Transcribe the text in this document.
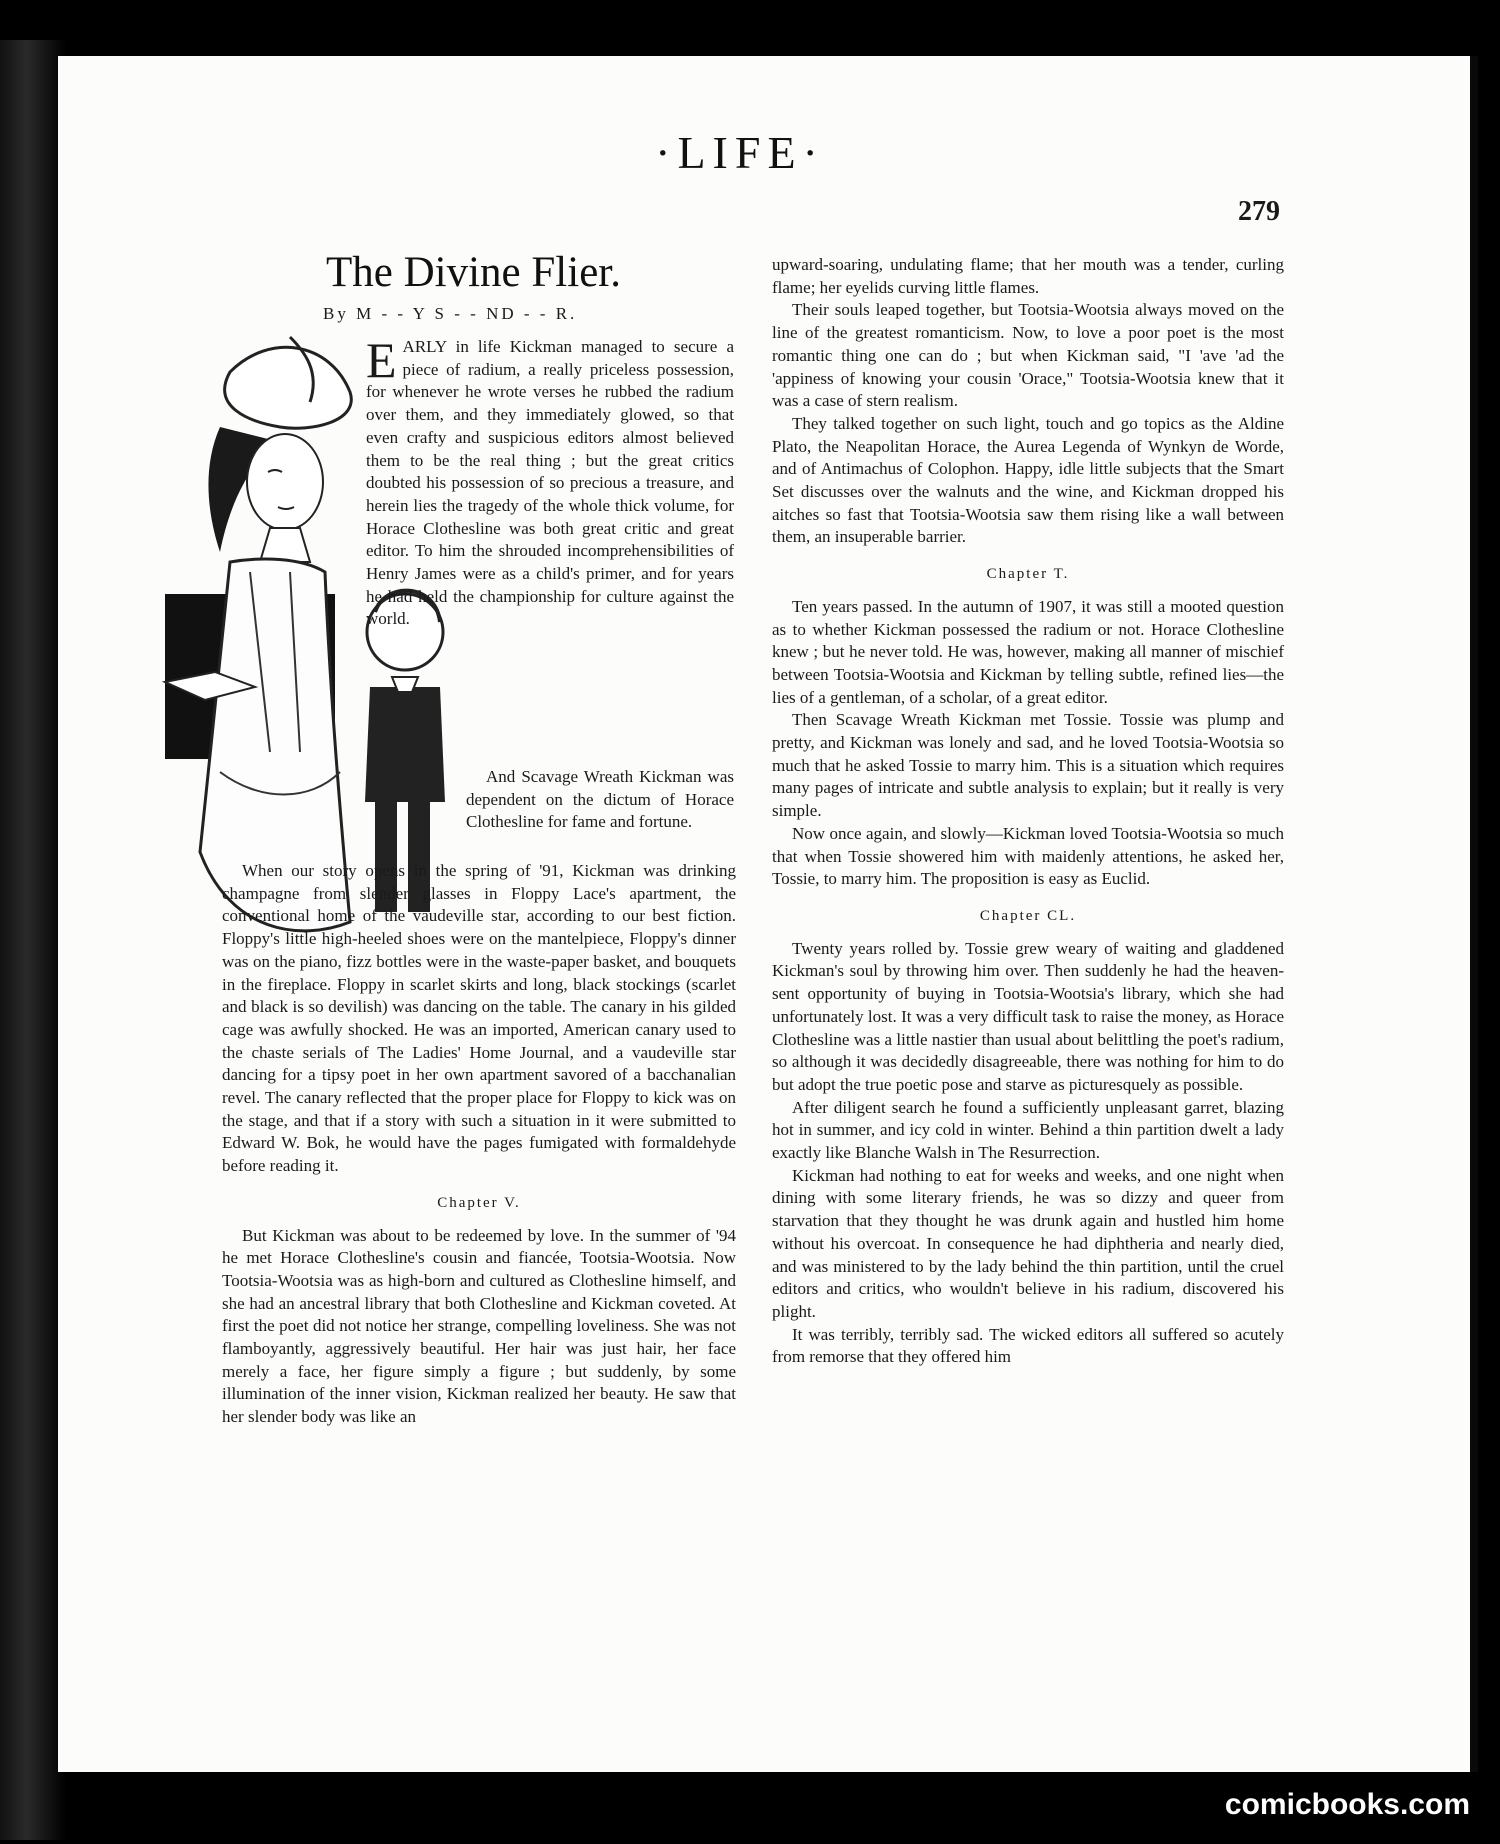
·LIFE·
279
The Divine Flier.
By M - - Y S - - ND - - R.
EARLY in life Kickman managed to secure a piece of radium, a really priceless possession, for whenever he wrote verses he rubbed the radium over them, and they immediately glowed, so that even crafty and suspicious editors almost believed them to be the real thing ; but the great critics doubted his possession of so precious a treasure, and herein lies the tragedy of the whole thick volume, for Horace Clothesline was both great critic and great editor. To him the shrouded incomprehensibilities of Henry James were as a child's primer, and for years he had held the championship for culture against the world.

And Scavage Wreath Kickman was dependent on the dictum of Horace Clothesline for fame and fortune.

When our story opens in the spring of '91, Kickman was drinking champagne from slender glasses in Floppy Lace's apartment, the conventional home of the vaudeville star, according to our best fiction. Floppy's little high-heeled shoes were on the mantelpiece, Floppy's dinner was on the piano, fizz bottles were in the waste-paper basket, and bouquets in the fireplace. Floppy in scarlet skirts and long, black stockings (scarlet and black is so devilish) was dancing on the table. The canary in his gilded cage was awfully shocked. He was an imported, American canary used to the chaste serials of The Ladies' Home Journal, and a vaudeville star dancing for a tipsy poet in her own apartment savored of a bacchanalian revel. The canary reflected that the proper place for Floppy to kick was on the stage, and that if a story with such a situation in it were submitted to Edward W. Bok, he would have the pages fumigated with formaldehyde before reading it.

Chapter V.

But Kickman was about to be redeemed by love. In the summer of '94 he met Horace Clothesline's cousin and fiancée, Tootsia-Wootsia. Now Tootsia-Wootsia was as high-born and cultured as Clothesline himself, and she had an ancestral library that both Clothesline and Kickman coveted. At first the poet did not notice her strange, compelling loveliness. She was not flamboyantly, aggressively beautiful. Her hair was just hair, her face merely a face, her figure simply a figure ; but suddenly, by some illumination of the inner vision, Kickman realized her beauty. He saw that her slender body was like an

upward-soaring, undulating flame; that her mouth was a tender, curling flame; her eyelids curving little flames.

Their souls leaped together, but Tootsia-Wootsia always moved on the line of the greatest romanticism. Now, to love a poor poet is the most romantic thing one can do ; but when Kickman said, "I 'ave 'ad the 'appiness of knowing your cousin 'Orace," Tootsia-Wootsia knew that it was a case of stern realism.

They talked together on such light, touch and go topics as the Aldine Plato, the Neapolitan Horace, the Aurea Legenda of Wynkyn de Worde, and of Antimachus of Colophon. Happy, idle little subjects that the Smart Set discusses over the walnuts and the wine, and Kickman dropped his aitches so fast that Tootsia-Wootsia saw them rising like a wall between them, an insuperable barrier.

Chapter T.

Ten years passed. In the autumn of 1907, it was still a mooted question as to whether Kickman possessed the radium or not. Horace Clothesline knew ; but he never told. He was, however, making all manner of mischief between Tootsia-Wootsia and Kickman by telling subtle, refined lies—the lies of a gentleman, of a scholar, of a great editor.

Then Scavage Wreath Kickman met Tossie. Tossie was plump and pretty, and Kickman was lonely and sad, and he loved Tootsia-Wootsia so much that he asked Tossie to marry him. This is a situation which requires many pages of intricate and subtle analysis to explain; but it really is very simple.

Now once again, and slowly—Kickman loved Tootsia-Wootsia so much that when Tossie showered him with maidenly attentions, he asked her, Tossie, to marry him. The proposition is easy as Euclid.

Chapter CL.

Twenty years rolled by. Tossie grew weary of waiting and gladdened Kickman's soul by throwing him over. Then suddenly he had the heaven-sent opportunity of buying in Tootsia-Wootsia's library, which she had unfortunately lost. It was a very difficult task to raise the money, as Horace Clothesline was a little nastier than usual about belittling the poet's radium, so although it was decidedly disagreeable, there was nothing for him to do but adopt the true poetic pose and starve as picturesquely as possible.

After diligent search he found a sufficiently unpleasant garret, blazing hot in summer, and icy cold in winter. Behind a thin partition dwelt a lady exactly like Blanche Walsh in The Resurrection.

Kickman had nothing to eat for weeks and weeks, and one night when dining with some literary friends, he was so dizzy and queer from starvation that they thought he was drunk again and hustled him home without his overcoat. In consequence he had diphtheria and nearly died, and was ministered to by the lady behind the thin partition, until the cruel editors and critics, who wouldn't believe in his radium, discovered his plight.

It was terribly, terribly sad. The wicked editors all suffered so acutely from remorse that they offered him

comicbooks.com
